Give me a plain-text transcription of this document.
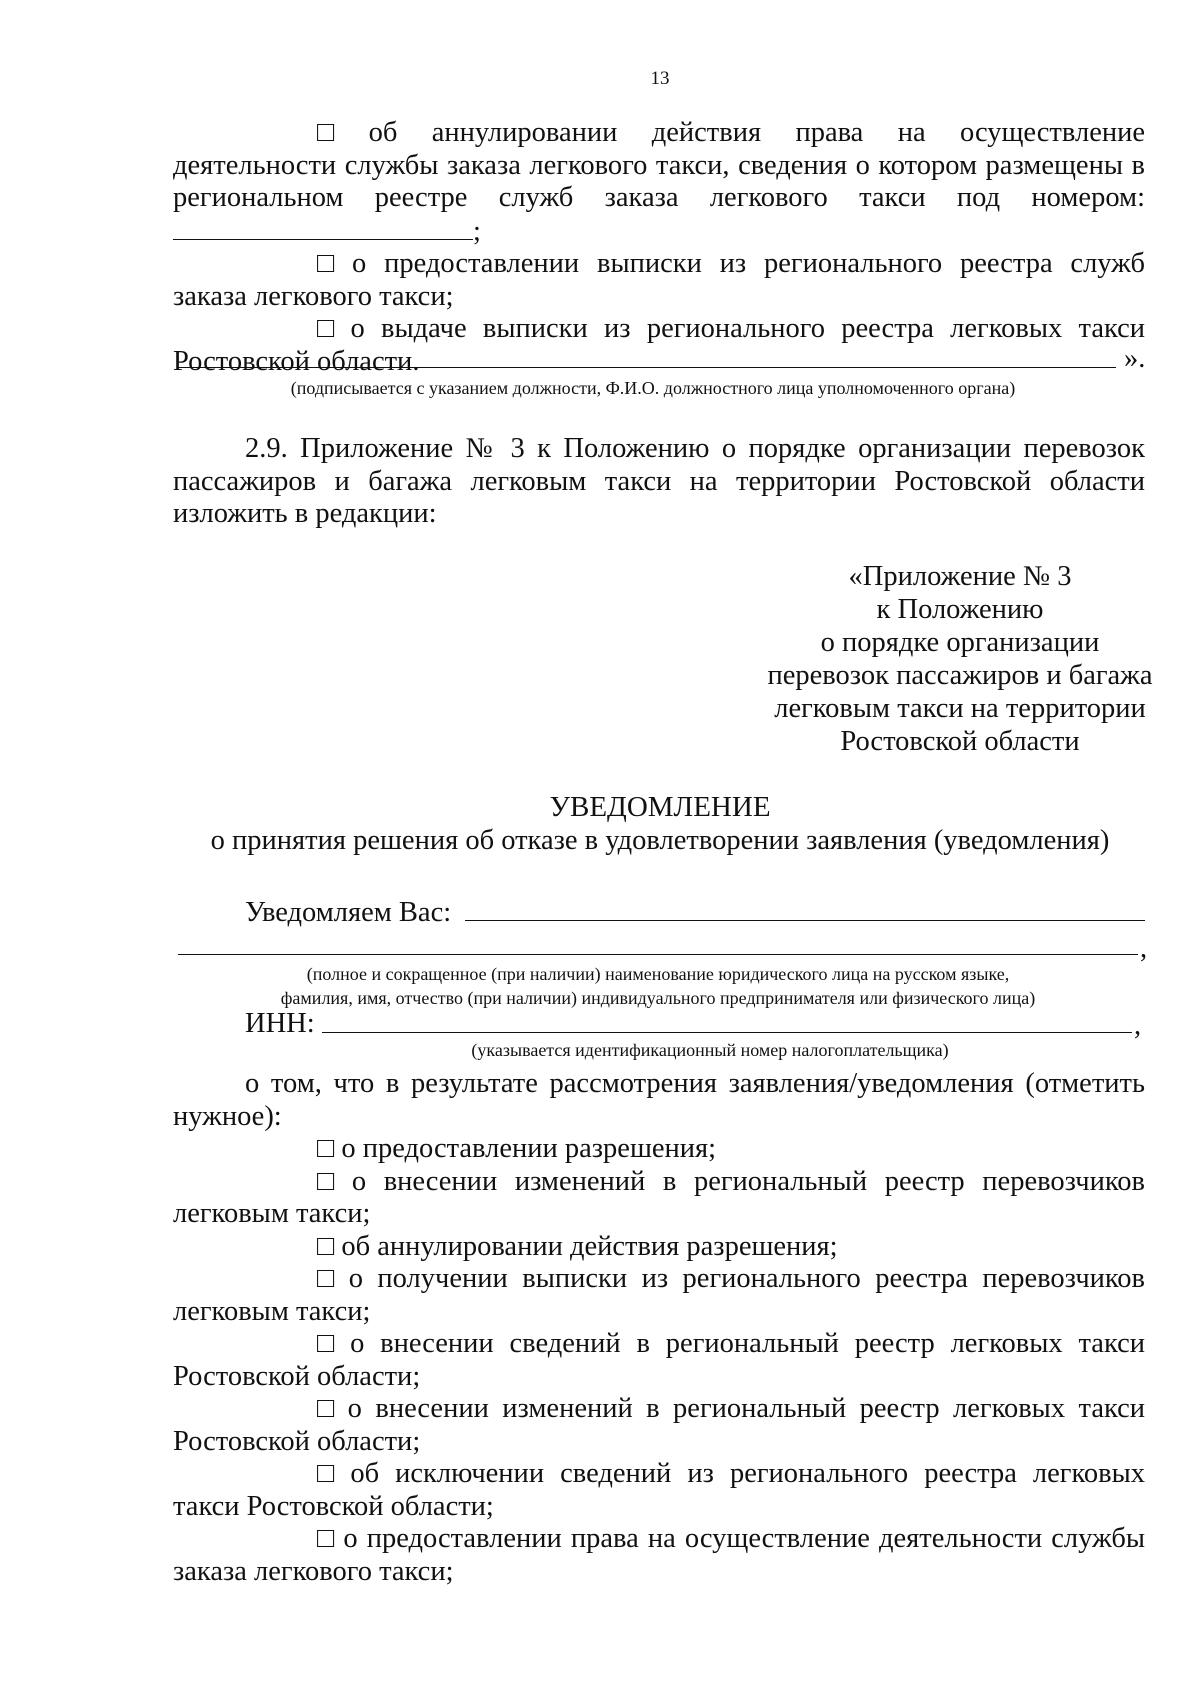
13

□ об аннулировании действия права на осуществление деятельности службы заказа легкового такси, сведения о котором размещены в региональном реестре служб заказа легкового такси под номером: ;

□ о предоставлении выписки из регионального реестра служб заказа легкового такси;

□ о выдаче выписки из регионального реестра легковых такси Ростовской области.	».
(подписывается с указанием должности, Ф.И.О. должностного лица уполномоченного органа)

2.9. Приложение № 3 к Положению о порядке организации перевозок пассажиров и багажа легковым такси на территории Ростовской области изложить в редакции:

«Приложение № 3
к Положению
о порядке организации
перевозок пассажиров и багажа
легковым такси на территории
Ростовской области
УВЕДОМЛЕНИЕ
о принятия решения об отказе в удовлетворении заявления (уведомления)
Уведомляем Вас:
,
(полное и сокращенное (при наличии) наименование юридического лица на русском языке,
фамилия, имя, отчество (при наличии) индивидуального предпринимателя или физического лица)
ИНН:	,
(указывается идентификационный номер налогоплательщика)

о том, что в результате рассмотрения заявления/уведомления (отметить нужное):

□ о предоставлении разрешения;

□ о внесении изменений в региональный реестр перевозчиков легковым такси;

□ об аннулировании действия разрешения;

□ о получении выписки из регионального реестра перевозчиков легковым такси;

□ о внесении сведений в региональный реестр легковых такси Ростовской области;

□ о внесении изменений в региональный реестр легковых такси Ростовской области;

□ об исключении сведений из регионального реестра легковых такси Ростовской области;

□ о предоставлении права на осуществление деятельности службы заказа легкового такси;
